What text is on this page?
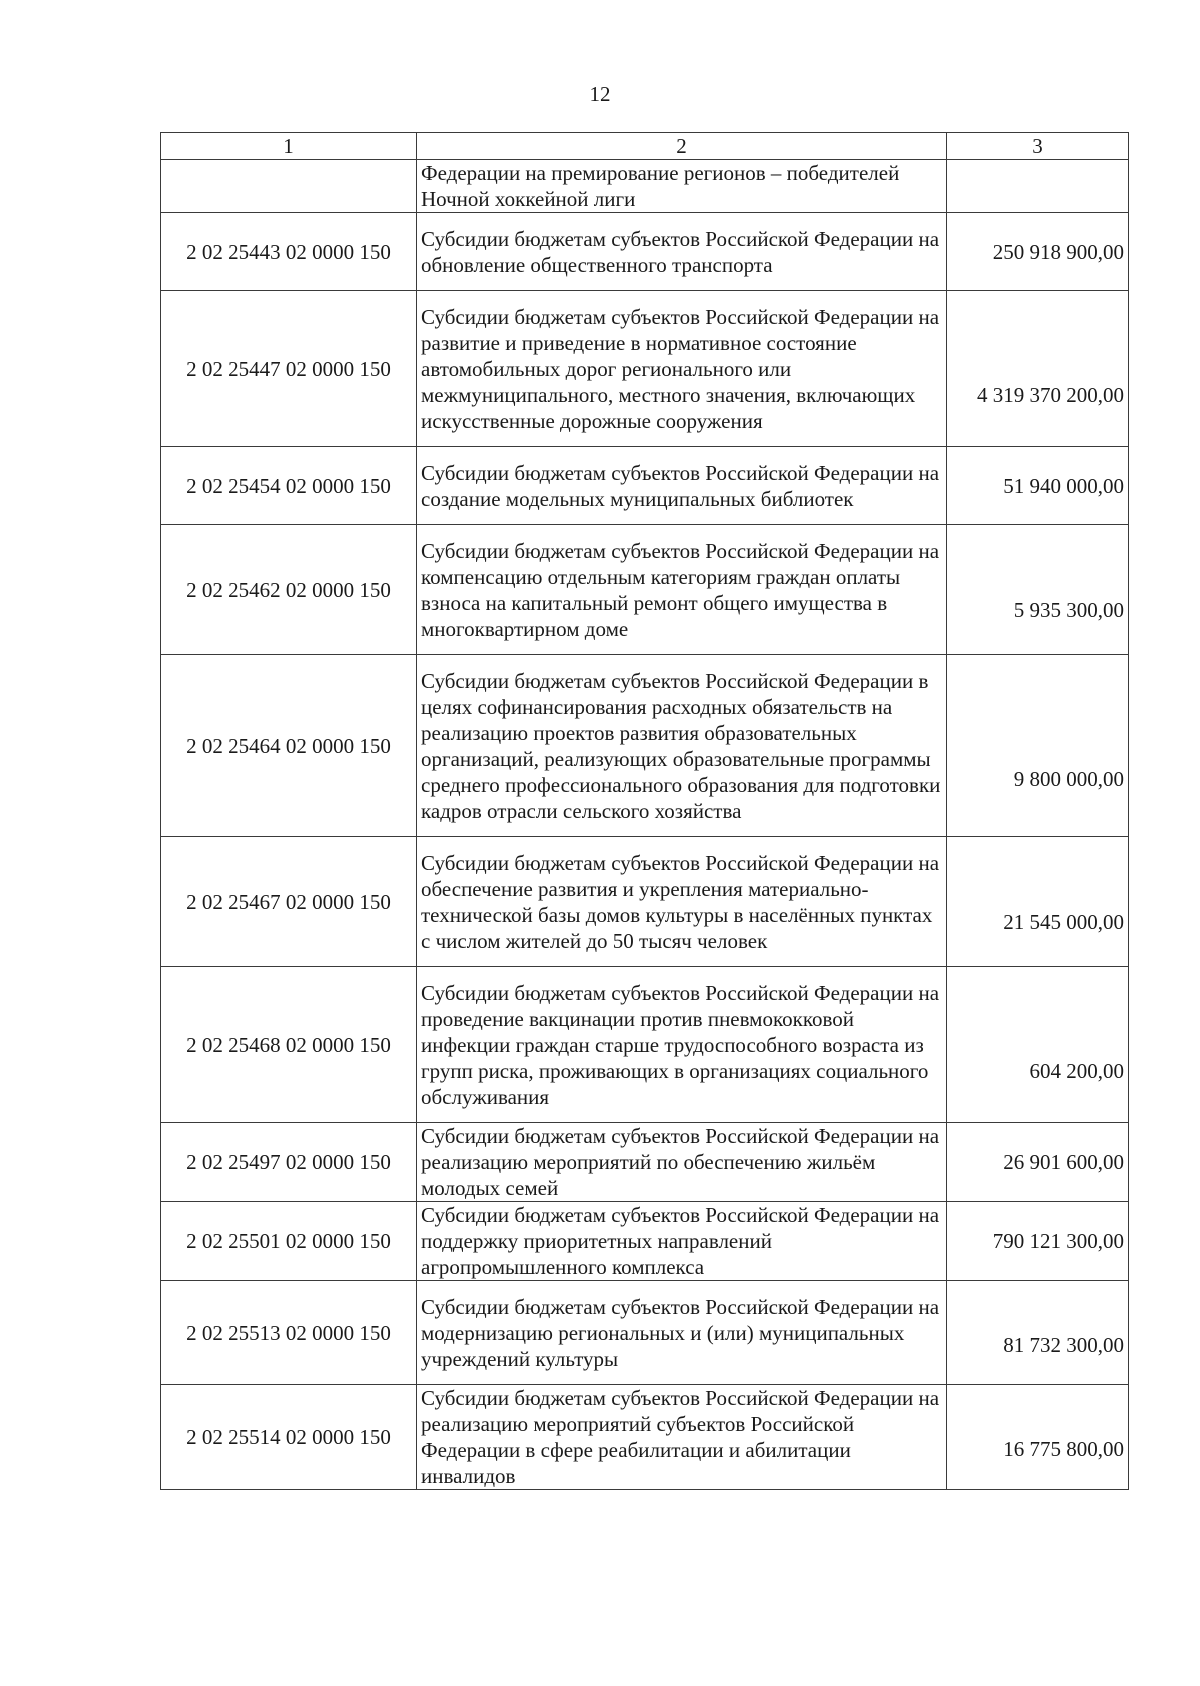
12
1	2	3
	Федерации на премирование регионов – победителей Ночной хоккейной лиги	
2 02 25443 02 0000 150	Субсидии бюджетам субъектов Российской Федерации на обновление общественного транспорта	250 918 900,00
2 02 25447 02 0000 150	Субсидии бюджетам субъектов Российской Федерации на развитие и приведение в нормативное состояние автомобильных дорог регионального или межмуниципального, местного значения, включающих искусственные дорожные сооружения	4 319 370 200,00
2 02 25454 02 0000 150	Субсидии бюджетам субъектов Российской Федерации на создание модельных муниципальных библиотек	51 940 000,00
2 02 25462 02 0000 150	Субсидии бюджетам субъектов Российской Федерации на компенсацию отдельным категориям граждан оплаты взноса на капитальный ремонт общего имущества в многоквартирном доме	5 935 300,00
2 02 25464 02 0000 150	Субсидии бюджетам субъектов Российской Федерации в целях софинансирования расходных обязательств на реализацию проектов развития образовательных организаций, реализующих образовательные программы среднего профессионального образования для подготовки кадров отрасли сельского хозяйства	9 800 000,00
2 02 25467 02 0000 150	Субсидии бюджетам субъектов Российской Федерации на обеспечение развития и укрепления материально-технической базы домов культуры в населённых пунктах с числом жителей до 50 тысяч человек	21 545 000,00
2 02 25468 02 0000 150	Субсидии бюджетам субъектов Российской Федерации на проведение вакцинации против пневмококковой инфекции граждан старше трудоспособного возраста из групп риска, проживающих в организациях социального обслуживания	604 200,00
2 02 25497 02 0000 150	Субсидии бюджетам субъектов Российской Федерации на реализацию мероприятий по обеспечению жильём молодых семей	26 901 600,00
2 02 25501 02 0000 150	Субсидии бюджетам субъектов Российской Федерации на поддержку приоритетных направлений агропромышленного комплекса	790 121 300,00
2 02 25513 02 0000 150	Субсидии бюджетам субъектов Российской Федерации на модернизацию региональных и (или) муниципальных учреждений культуры	81 732 300,00
2 02 25514 02 0000 150	Субсидии бюджетам субъектов Российской Федерации на реализацию мероприятий субъектов Российской Федерации в сфере реабилитации и абилитации инвалидов	16 775 800,00
